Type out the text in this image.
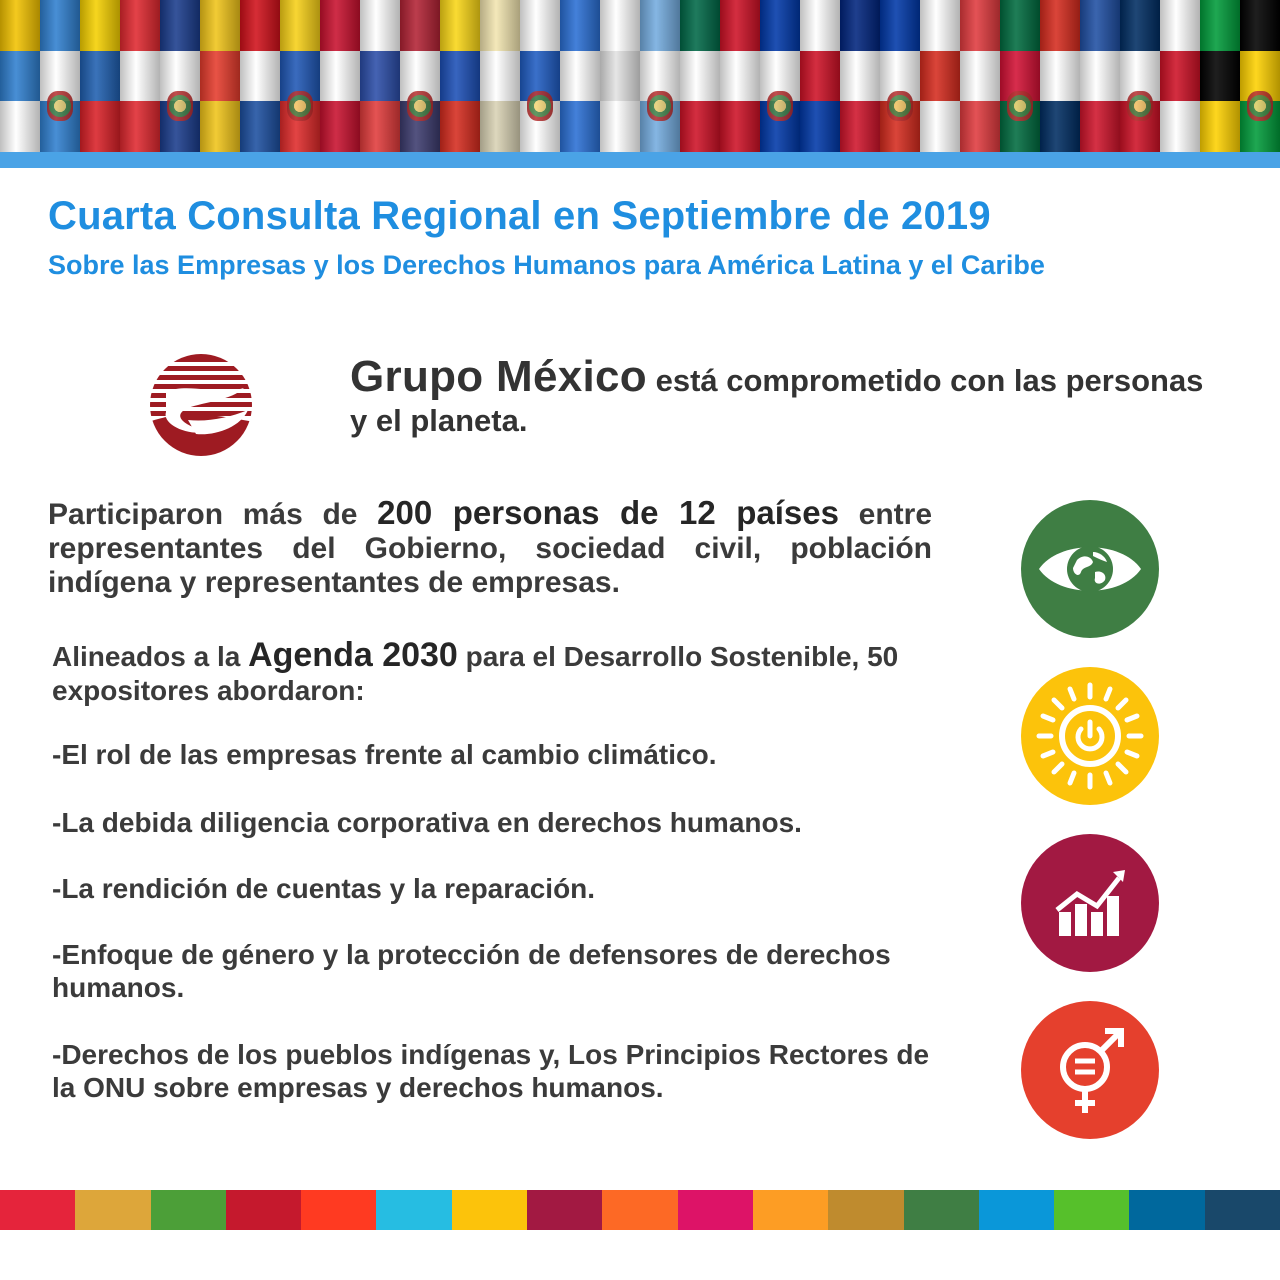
Cuarta Consulta Regional en Septiembre de 2019
Sobre las Empresas y los Derechos Humanos para América Latina y el Caribe

Grupo México está comprometido con las personas y el planeta.

Participaron más de 200 personas de 12 países entre representantes del Gobierno, sociedad civil, población indígena y representantes de empresas.

Alineados a la Agenda 2030 para el Desarrollo Sostenible, 50 expositores abordaron:

-El rol de las empresas frente al cambio climático.

-La debida diligencia corporativa en derechos humanos.

-La rendición de cuentas y la reparación.

-Enfoque de género y la protección de defensores de derechos humanos.

-Derechos de los pueblos indígenas y, Los Principios Rectores de la ONU sobre empresas y derechos humanos.
